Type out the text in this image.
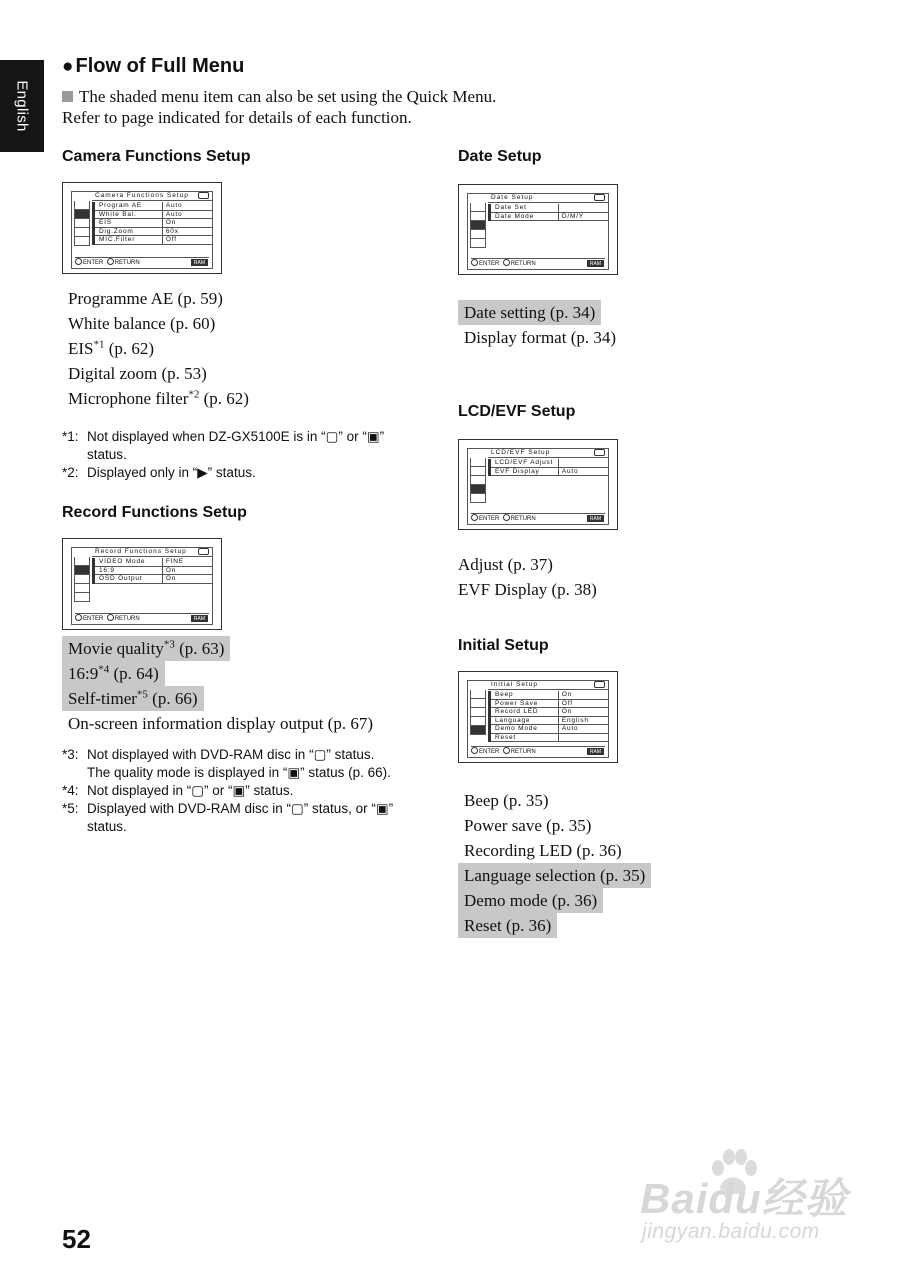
English
● Flow of Full Menu
The shaded menu item can also be set using the Quick Menu.
Refer to page indicated for details of each function.
Camera Functions Setup
Camera Functions Setup
Program AE	Auto
White Bal.	Auto
EIS	On
Dig.Zoom	60x
MIC.Filter	Off
ENTER RETURN	RAM
Programme AE (p. 59)
White balance (p. 60)
EIS$^{*1}$ (p. 62)
Digital zoom (p. 53)
Microphone filter$^{*2}$ (p. 62)
*1: Not displayed when DZ-GX5100E is in “▢” or “▣”
status.
*2: Displayed only in “▶” status.
Record Functions Setup
Record Functions Setup
VIDEO Mode	FINE
16:9	On
OSD Output	On
ENTER RETURN	RAM
Movie quality$^{*3}$ (p. 63)
16:9$^{*4}$ (p. 64)
Self-timer$^{*5}$ (p. 66)
On-screen information display output (p. 67)
*3: Not displayed with DVD-RAM disc in “▢” status.
The quality mode is displayed in “▣” status (p. 66).
*4: Not displayed in “▢” or “▣” status.
*5: Displayed with DVD-RAM disc in “▢” status, or “▣”
status.
Date Setup
Date Setup
Date Set
Date Mode	D/M/Y
ENTER RETURN	RAM
Date setting (p. 34)
Display format (p. 34)
LCD/EVF Setup
LCD/EVF Setup
LCD/EVF Adjust
EVF Display	Auto
ENTER RETURN	RAM
Adjust (p. 37)
EVF Display (p. 38)
Initial Setup
Initial Setup
Beep	On
Power Save	Off
Record LED	On
Language	English
Demo Mode	Auto
Reset
ENTER RETURN	RAM
Beep (p. 35)
Power save (p. 35)
Recording LED (p. 36)
Language selection (p. 35)
Demo mode (p. 36)
Reset (p. 36)
52
Baidu经验
jingyan.baidu.com
